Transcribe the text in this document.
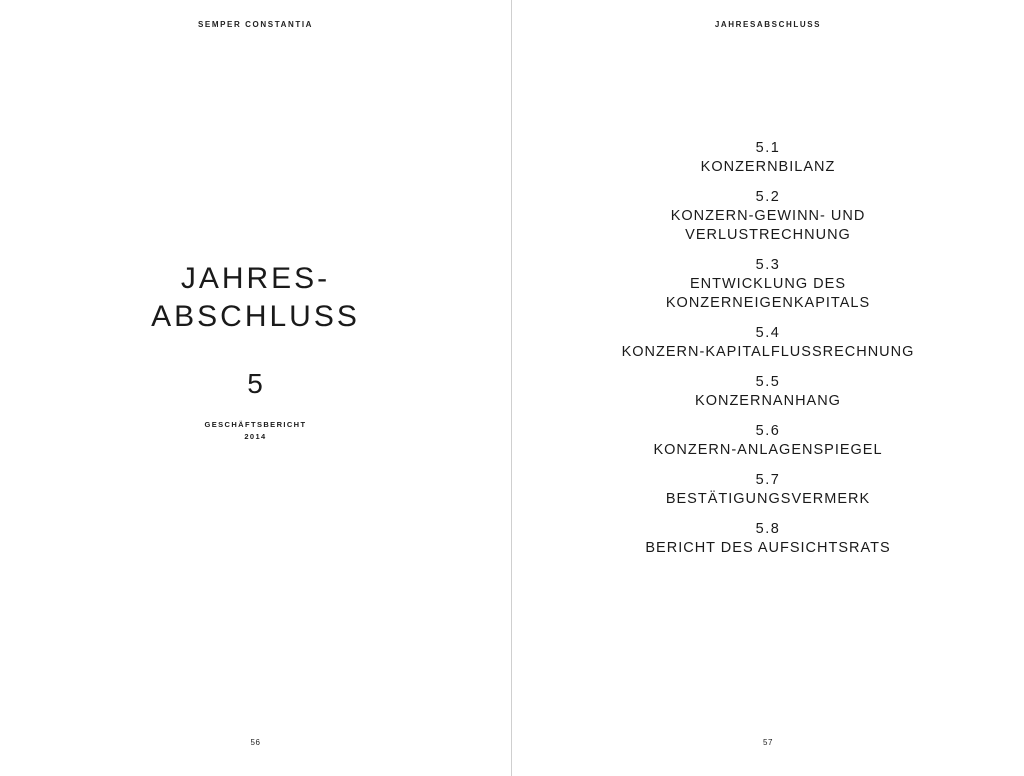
SEMPER CONSTANTIA
JAHRES-
ABSCHLUSS
5
GESCHÄFTSBERICHT
2014
56
JAHRESABSCHLUSS
5.1
KONZERNBILANZ
5.2
KONZERN-GEWINN- UND
VERLUSTRECHNUNG
5.3
ENTWICKLUNG DES
KONZERNEIGENKAPITALS
5.4
KONZERN-KAPITALFLUSSRECHNUNG
5.5
KONZERNANHANG
5.6
KONZERN-ANLAGENSPIEGEL
5.7
BESTÄTIGUNGSVERMERK
5.8
BERICHT DES AUFSICHTSRATS
57
